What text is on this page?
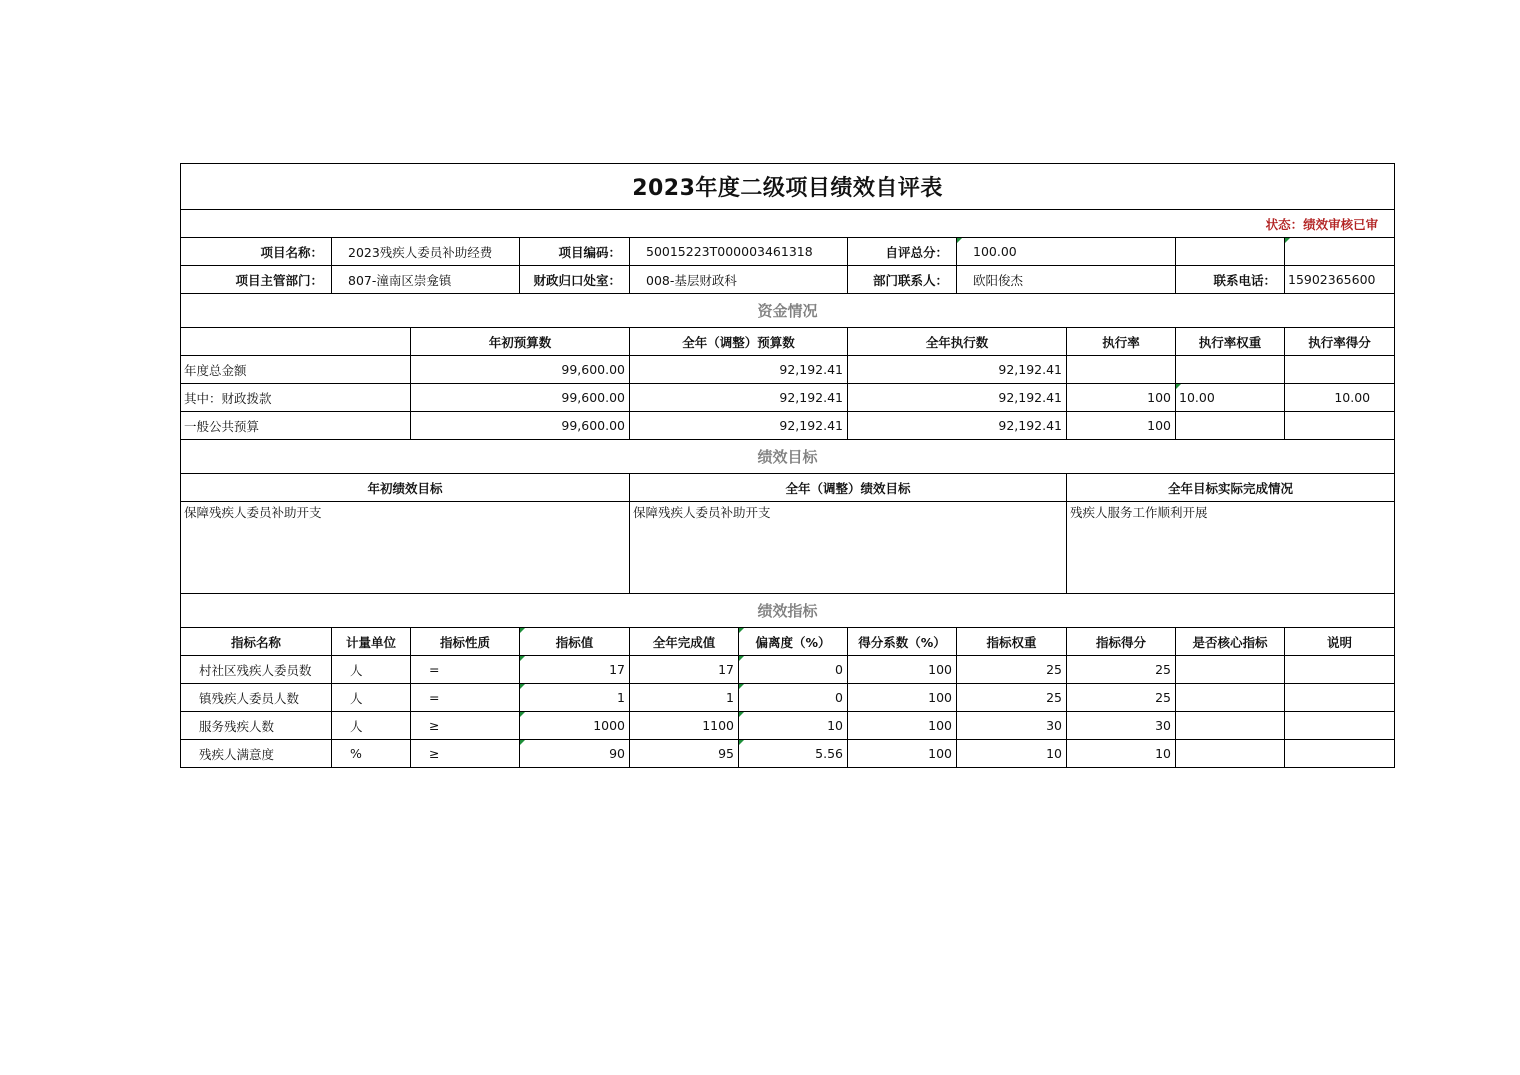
2023年度二级项目绩效自评表										
状态：绩效审核已审										
项目名称：	2023残疾人委员补助经费		项目编码：	50015223T000003461318		自评总分：	100.00			
项目主管部门：	807-潼南区崇龛镇		财政归口处室：	008-基层财政科		部门联系人：	欧阳俊杰		联系电话：	15902365600
资金情况										
		年初预算数		全年（调整）预算数		全年执行数		执行率	执行率权重	执行率得分
年度总金额		99,600.00		92,192.41		92,192.41				
其中：财政拨款		99,600.00		92,192.41		92,192.41		100	10.00	10.00
一般公共预算		99,600.00		92,192.41		92,192.41		100		
绩效目标										
年初绩效目标				全年（调整）绩效目标				全年目标实际完成情况		
保障残疾人委员补助开支				保障残疾人委员补助开支				残疾人服务工作顺利开展		
绩效指标										
指标名称	计量单位	指标性质	指标值	全年完成值	偏离度（%）	得分系数（%）	指标权重	指标得分	是否核心指标	说明
村社区残疾人委员数	人	=	17	17	0	100	25	25		
镇残疾人委员人数	人	=	1	1	0	100	25	25		
服务残疾人数	人	≥	1000	1100	10	100	30	30		
残疾人满意度	%	≥	90	95	5.56	100	10	10		
